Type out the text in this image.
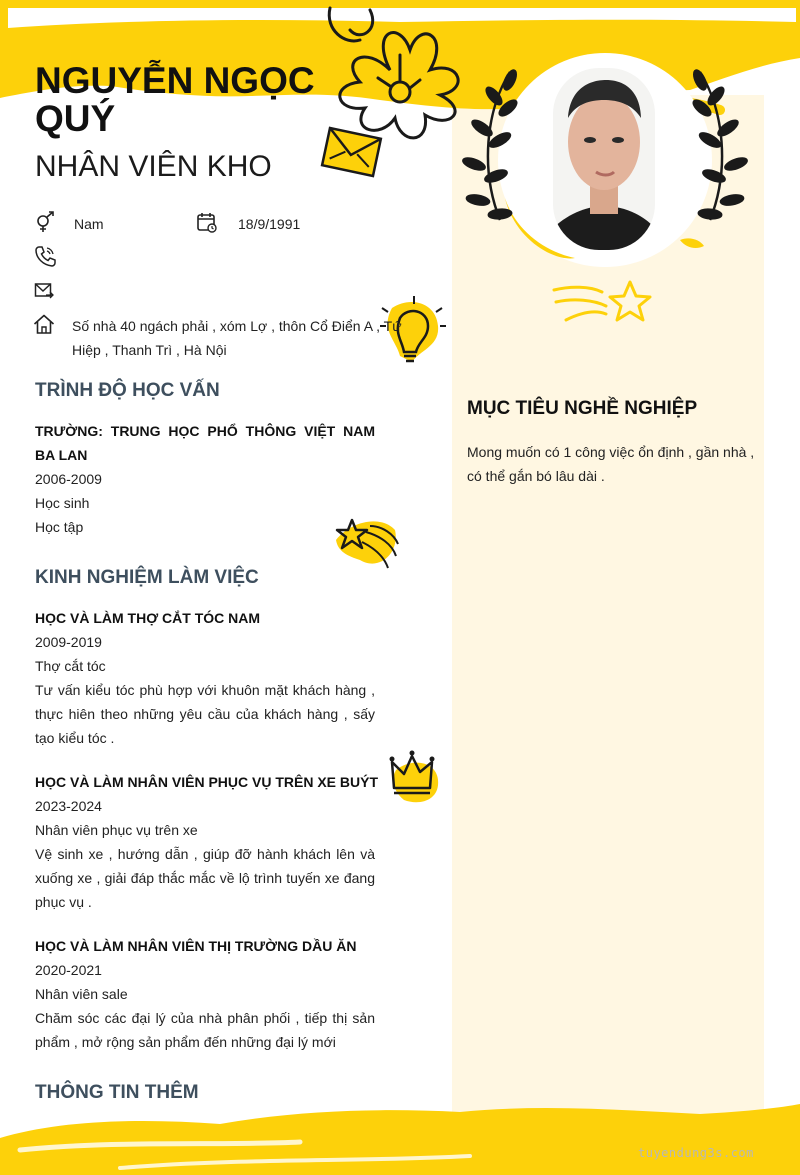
NGUYỄN NGỌC QUÝ
NHÂN VIÊN KHO
Nam	18/9/1991
Số nhà 40 ngách phải , xóm Lợ , thôn Cổ Điển A , Tứ Hiệp , Thanh Trì , Hà Nội
TRÌNH ĐỘ HỌC VẤN
TRƯỜNG: TRUNG HỌC PHỔ THÔNG VIỆT NAM BA LAN
2006-2009
Học sinh
Học tập
KINH NGHIỆM LÀM VIỆC
HỌC VÀ LÀM THỢ CẮT TÓC NAM
2009-2019
Thợ cắt tóc
Tư vấn kiểu tóc phù hợp với khuôn mặt khách hàng , thực hiên theo những yêu cầu của khách hàng , sấy tạo kiểu tóc .
HỌC VÀ LÀM NHÂN VIÊN PHỤC VỤ TRÊN XE BUÝT
2023-2024
Nhân viên phục vụ trên xe
Vệ sinh xe , hướng dẫn , giúp đỡ hành khách lên và xuống xe , giải đáp thắc mắc về lộ trình tuyến xe đang phục vụ .
HỌC VÀ LÀM NHÂN VIÊN THỊ TRƯỜNG DẦU ĂN
2020-2021
Nhân viên sale
Chăm sóc các đại lý của nhà phân phối , tiếp thị sản phẩm , mở rộng sản phẩm đến những đại lý mới
THÔNG TIN THÊM
MỤC TIÊU NGHỀ NGHIỆP
Mong muốn có 1 công việc ổn định , gần nhà , có thể gắn bó lâu dài .
tuyendung3s.com
